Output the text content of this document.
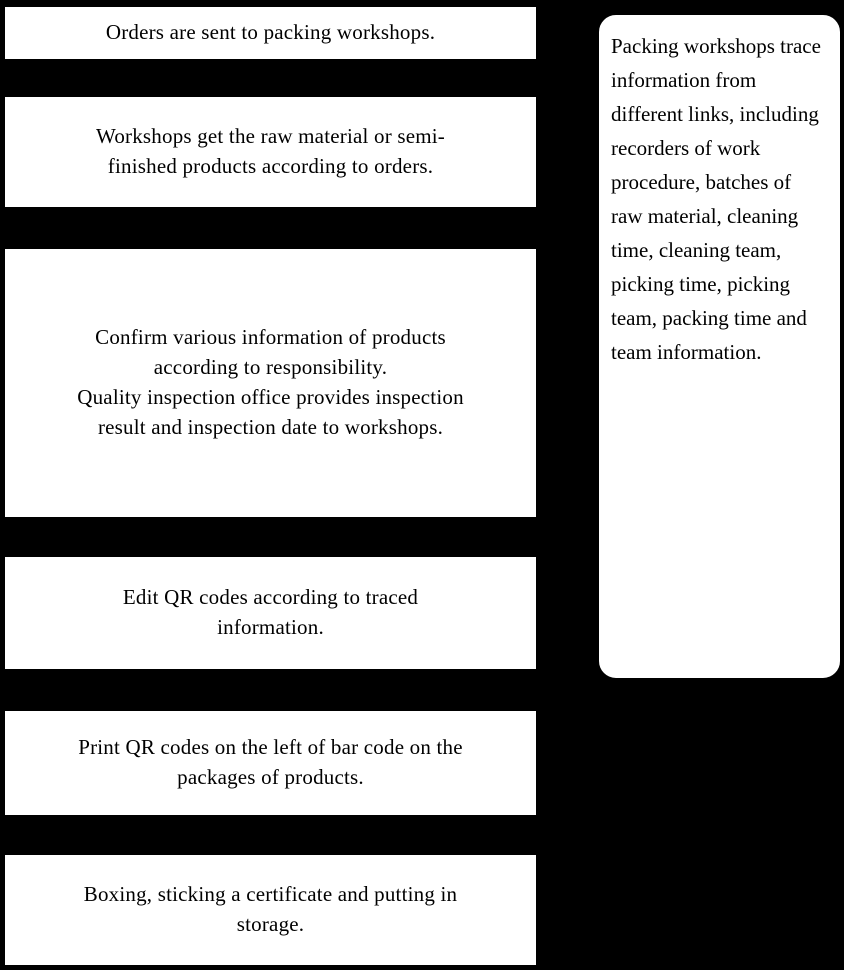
Orders are sent to packing workshops.

Workshops get the raw material or semi-

finished products according to orders.

Confirm various information of products

according to responsibility.

Quality inspection office provides inspection

result and inspection date to workshops.

Edit QR codes according to traced

information.

Print QR codes on the left of bar code on the

packages of products.

Boxing, sticking a certificate and putting in

storage.

Packing workshops trace information from different links, including recorders of work procedure, batches of raw material, cleaning time, cleaning team, picking time, picking team, packing time and team information.
